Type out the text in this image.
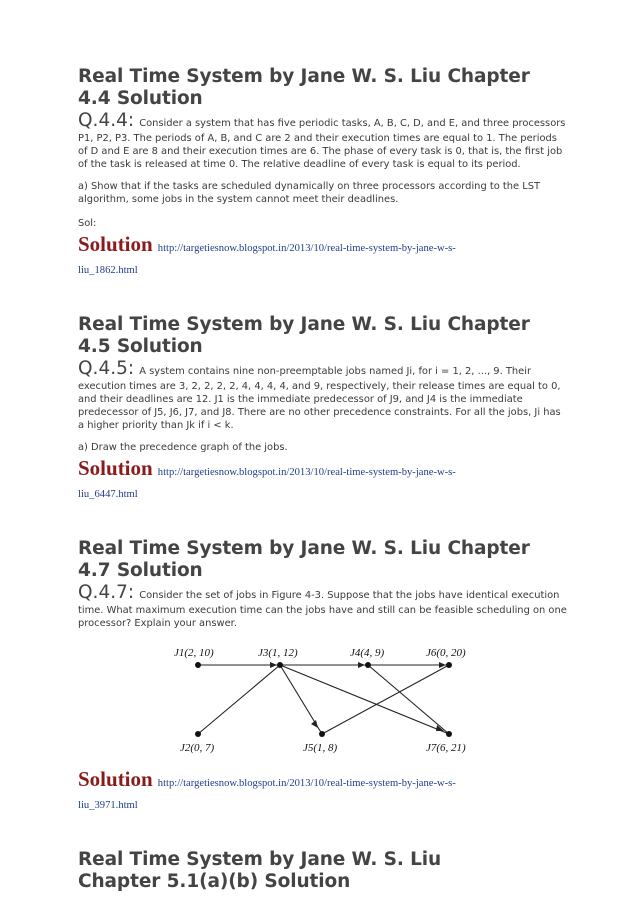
Real Time System by Jane W. S. Liu Chapter 4.4 Solution
Q.4.4: Consider a system that has five periodic tasks, A, B, C, D, and E, and three processors
P1, P2, P3. The periods of A, B, and C are 2 and their execution times are equal to 1. The periods of D and E are 8 and their execution times are 6. The phase of every task is 0, that is, the first job of the task is released at time 0. The relative deadline of every task is equal to its period.
a) Show that if the tasks are scheduled dynamically on three processors according to the LST algorithm, some jobs in the system cannot meet their deadlines.
Sol:
Solution http://targetiesnow.blogspot.in/2013/10/real-time-system-by-jane-w-s-
liu_1862.html
Real Time System by Jane W. S. Liu Chapter 4.5 Solution
Q.4.5: A system contains nine non-preemptable jobs named Ji, for i = 1, 2, ..., 9. Their
execution times are 3, 2, 2, 2, 2, 4, 4, 4, 4, and 9, respectively, their release times are equal to 0, and their deadlines are 12. J1 is the immediate predecessor of J9, and J4 is the immediate predecessor of J5, J6, J7, and J8. There are no other precedence constraints. For all the jobs, Ji has a higher priority than Jk if i < k.
a) Draw the precedence graph of the jobs.
Solution http://targetiesnow.blogspot.in/2013/10/real-time-system-by-jane-w-s-
liu_6447.html
Real Time System by Jane W. S. Liu Chapter 4.7 Solution
Q.4.7: Consider the set of jobs in Figure 4-3. Suppose that the jobs have identical execution
time. What maximum execution time can the jobs have and still can be feasible scheduling on one processor? Explain your answer.
J1(2, 10)	J3(1, 12)	J4(4, 9)	J6(0, 20)
J2(0, 7)	J5(1, 8)	J7(6, 21)
Solution http://targetiesnow.blogspot.in/2013/10/real-time-system-by-jane-w-s-
liu_3971.html
Real Time System by Jane W. S. Liu Chapter 5.1(a)(b) Solution
